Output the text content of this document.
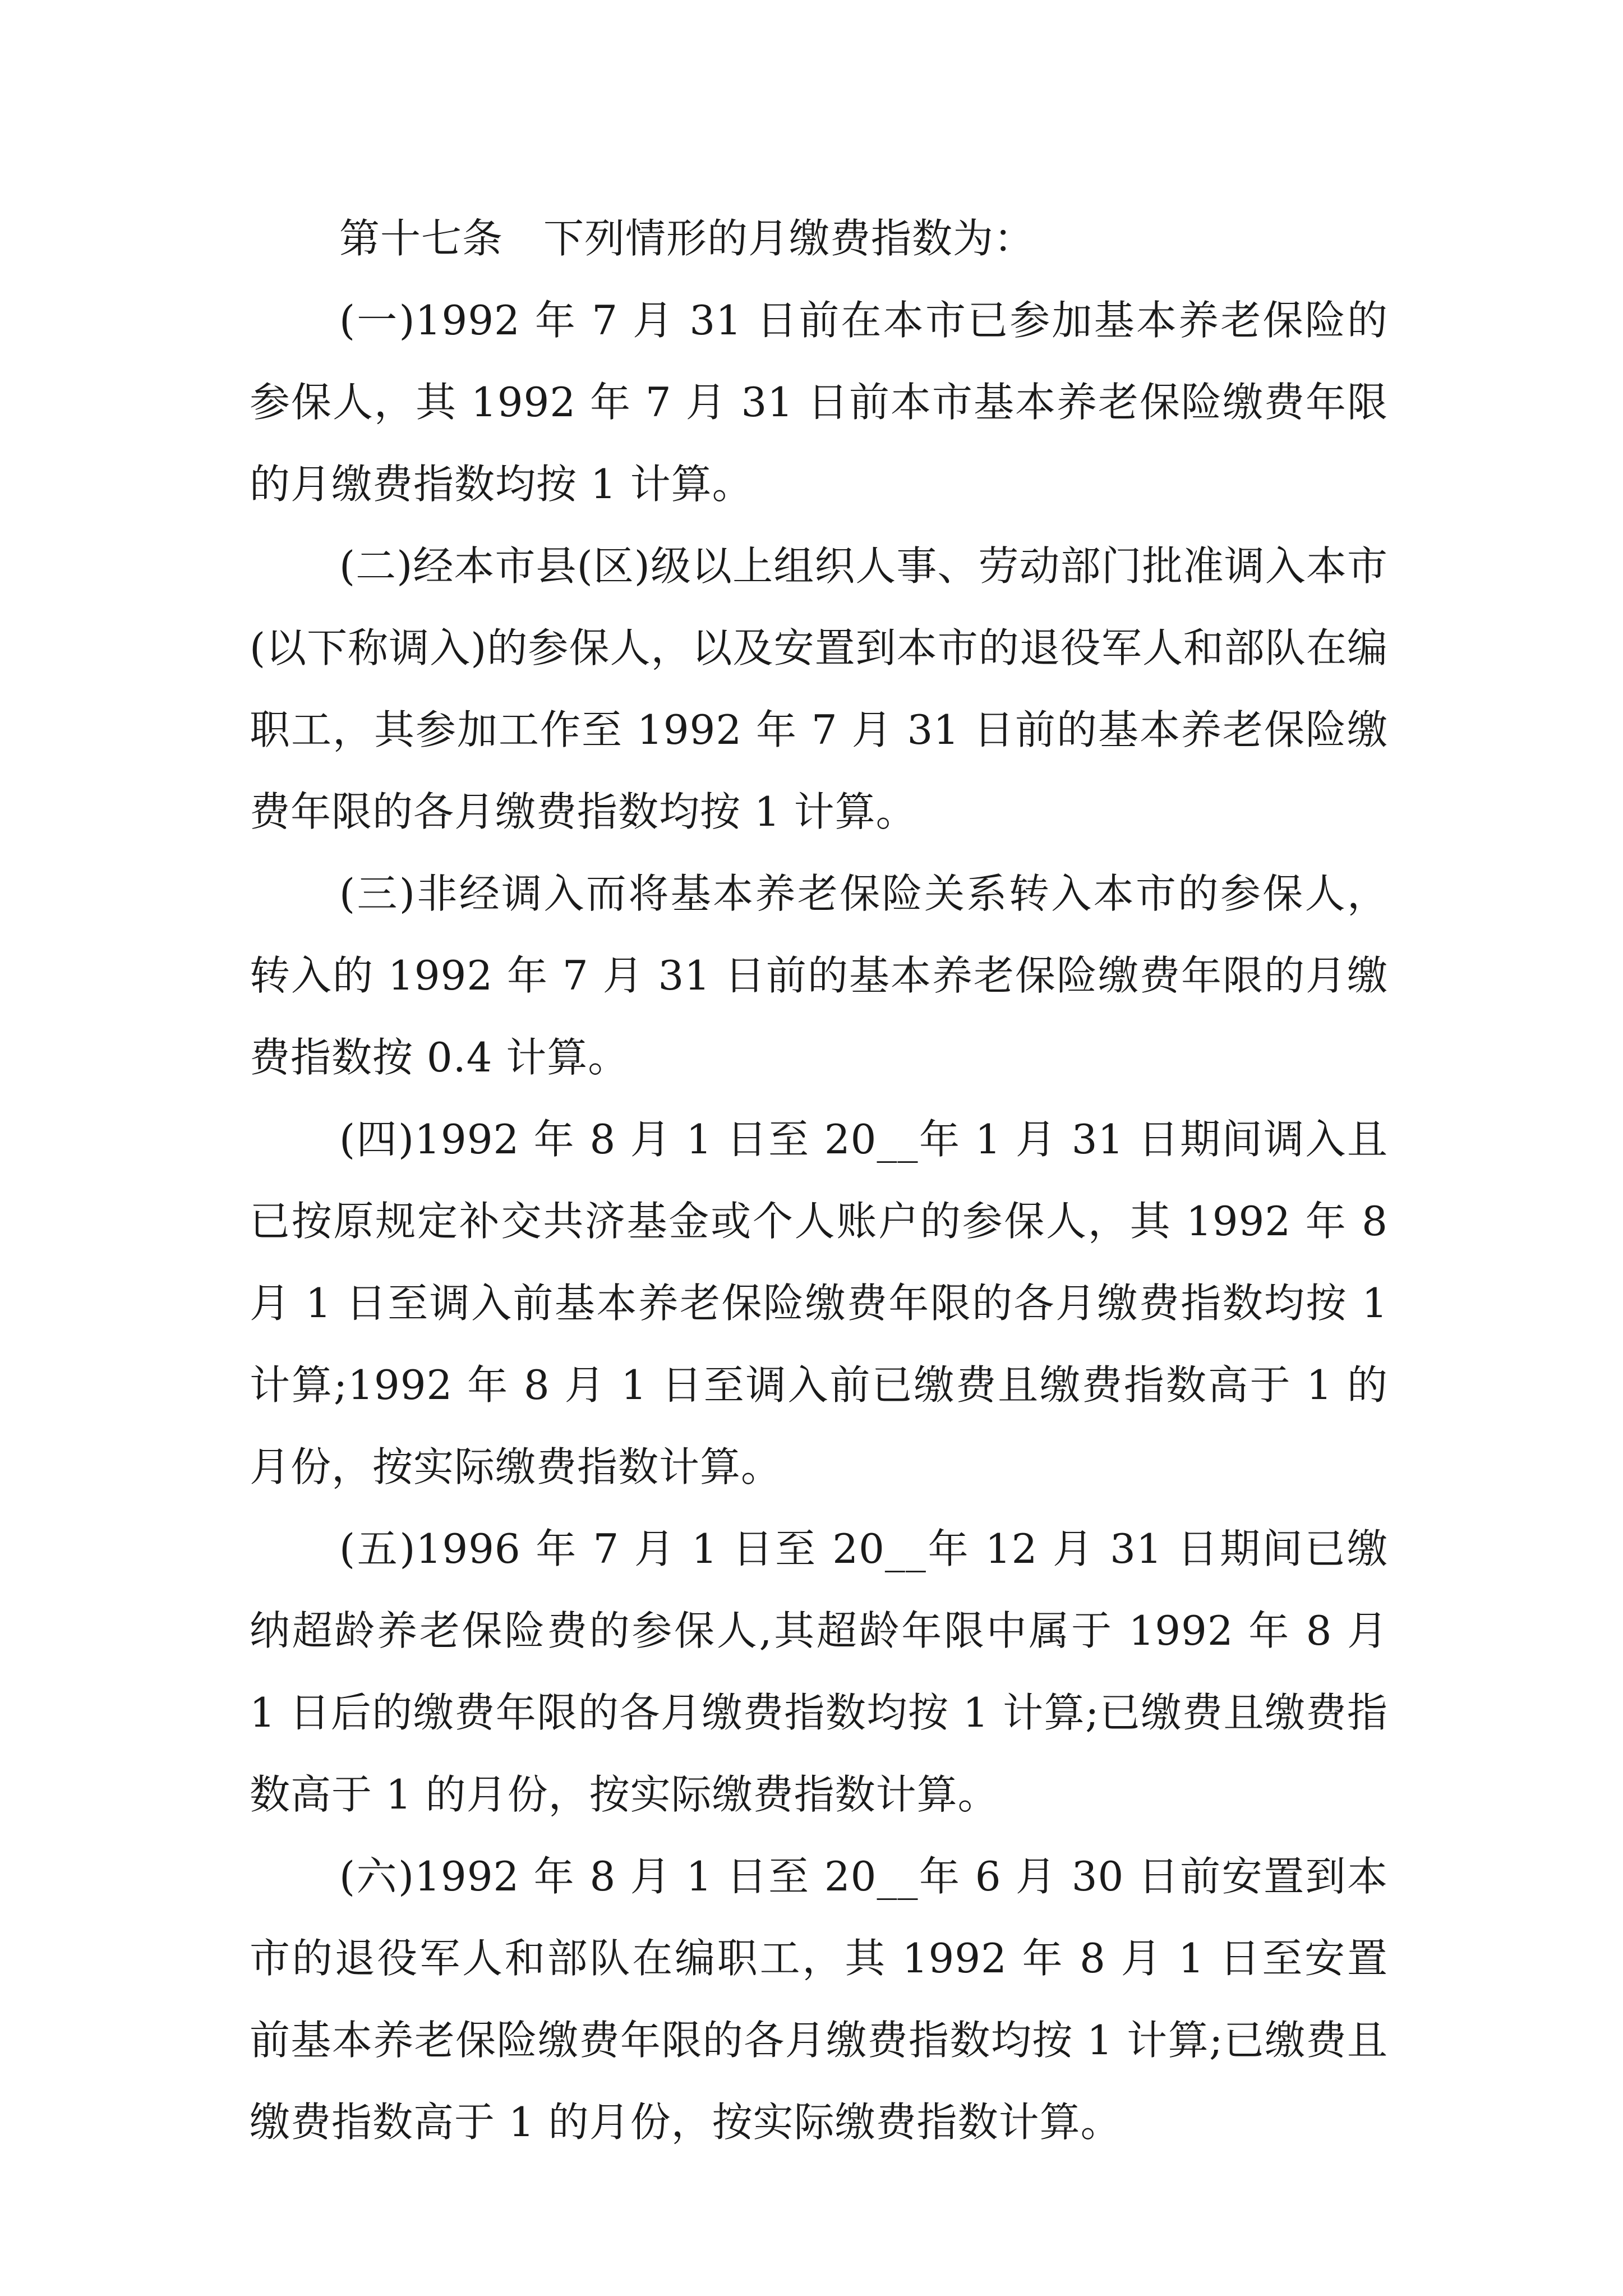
第十七条 下列情形的月缴费指数为：

(一)1992 年 7 月 31 日前在本市已参加基本养老保险的参保人，其 1992 年 7 月 31 日前本市基本养老保险缴费年限的月缴费指数均按 1 计算。

(二)经本市县(区)级以上组织人事、劳动部门批准调入本市(以下称调入)的参保人，以及安置到本市的退役军人和部队在编职工，其参加工作至 1992 年 7 月 31 日前的基本养老保险缴费年限的各月缴费指数均按 1 计算。

(三)非经调入而将基本养老保险关系转入本市的参保人，转入的 1992 年 7 月 31 日前的基本养老保险缴费年限的月缴费指数按 0.4 计算。

(四)1992 年 8 月 1 日至 20__年 1 月 31 日期间调入且已按原规定补交共济基金或个人账户的参保人，其 1992 年 8 月 1 日至调入前基本养老保险缴费年限的各月缴费指数均按 1 计算;1992 年 8 月 1 日至调入前已缴费且缴费指数高于 1 的月份，按实际缴费指数计算。

(五)1996 年 7 月 1 日至 20__年 12 月 31 日期间已缴纳超龄养老保险费的参保人,其超龄年限中属于 1992 年 8 月 1 日后的缴费年限的各月缴费指数均按 1 计算;已缴费且缴费指数高于 1 的月份，按实际缴费指数计算。

(六)1992 年 8 月 1 日至 20__年 6 月 30 日前安置到本市的退役军人和部队在编职工，其 1992 年 8 月 1 日至安置前基本养老保险缴费年限的各月缴费指数均按 1 计算;已缴费且缴费指数高于 1 的月份，按实际缴费指数计算。
